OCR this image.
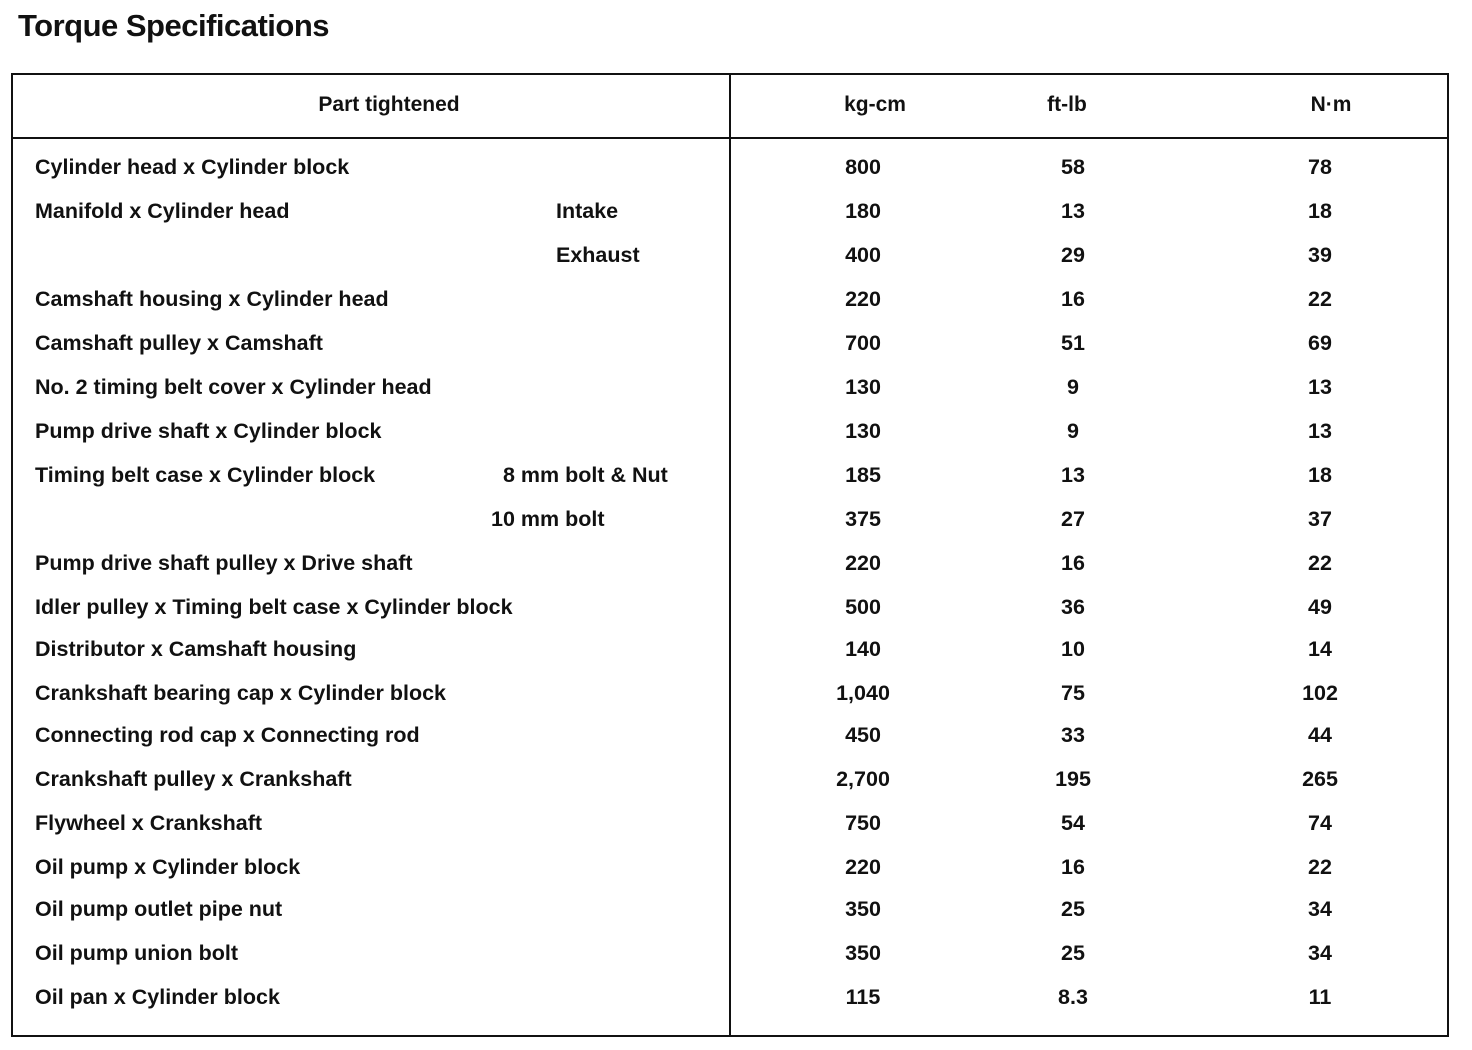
Torque Specifications
Part tightened	kg-cm	ft-lb	N·m
Cylinder head x Cylinder block	800	58	78
Manifold x Cylinder head	Intake	180	13	18
Exhaust	400	29	39
Camshaft housing x Cylinder head	220	16	22
Camshaft pulley x Camshaft	700	51	69
No. 2 timing belt cover x Cylinder head	130	9	13
Pump drive shaft x Cylinder block	130	9	13
Timing belt case x Cylinder block	8 mm bolt & Nut	185	13	18
10 mm bolt	375	27	37
Pump drive shaft pulley x Drive shaft	220	16	22
Idler pulley x Timing belt case x Cylinder block	500	36	49
Distributor x Camshaft housing	140	10	14
Crankshaft bearing cap x Cylinder block	1,040	75	102
Connecting rod cap x Connecting rod	450	33	44
Crankshaft pulley x Crankshaft	2,700	195	265
Flywheel x Crankshaft	750	54	74
Oil pump x Cylinder block	220	16	22
Oil pump outlet pipe nut	350	25	34
Oil pump union bolt	350	25	34
Oil pan x Cylinder block	115	8.3	11
